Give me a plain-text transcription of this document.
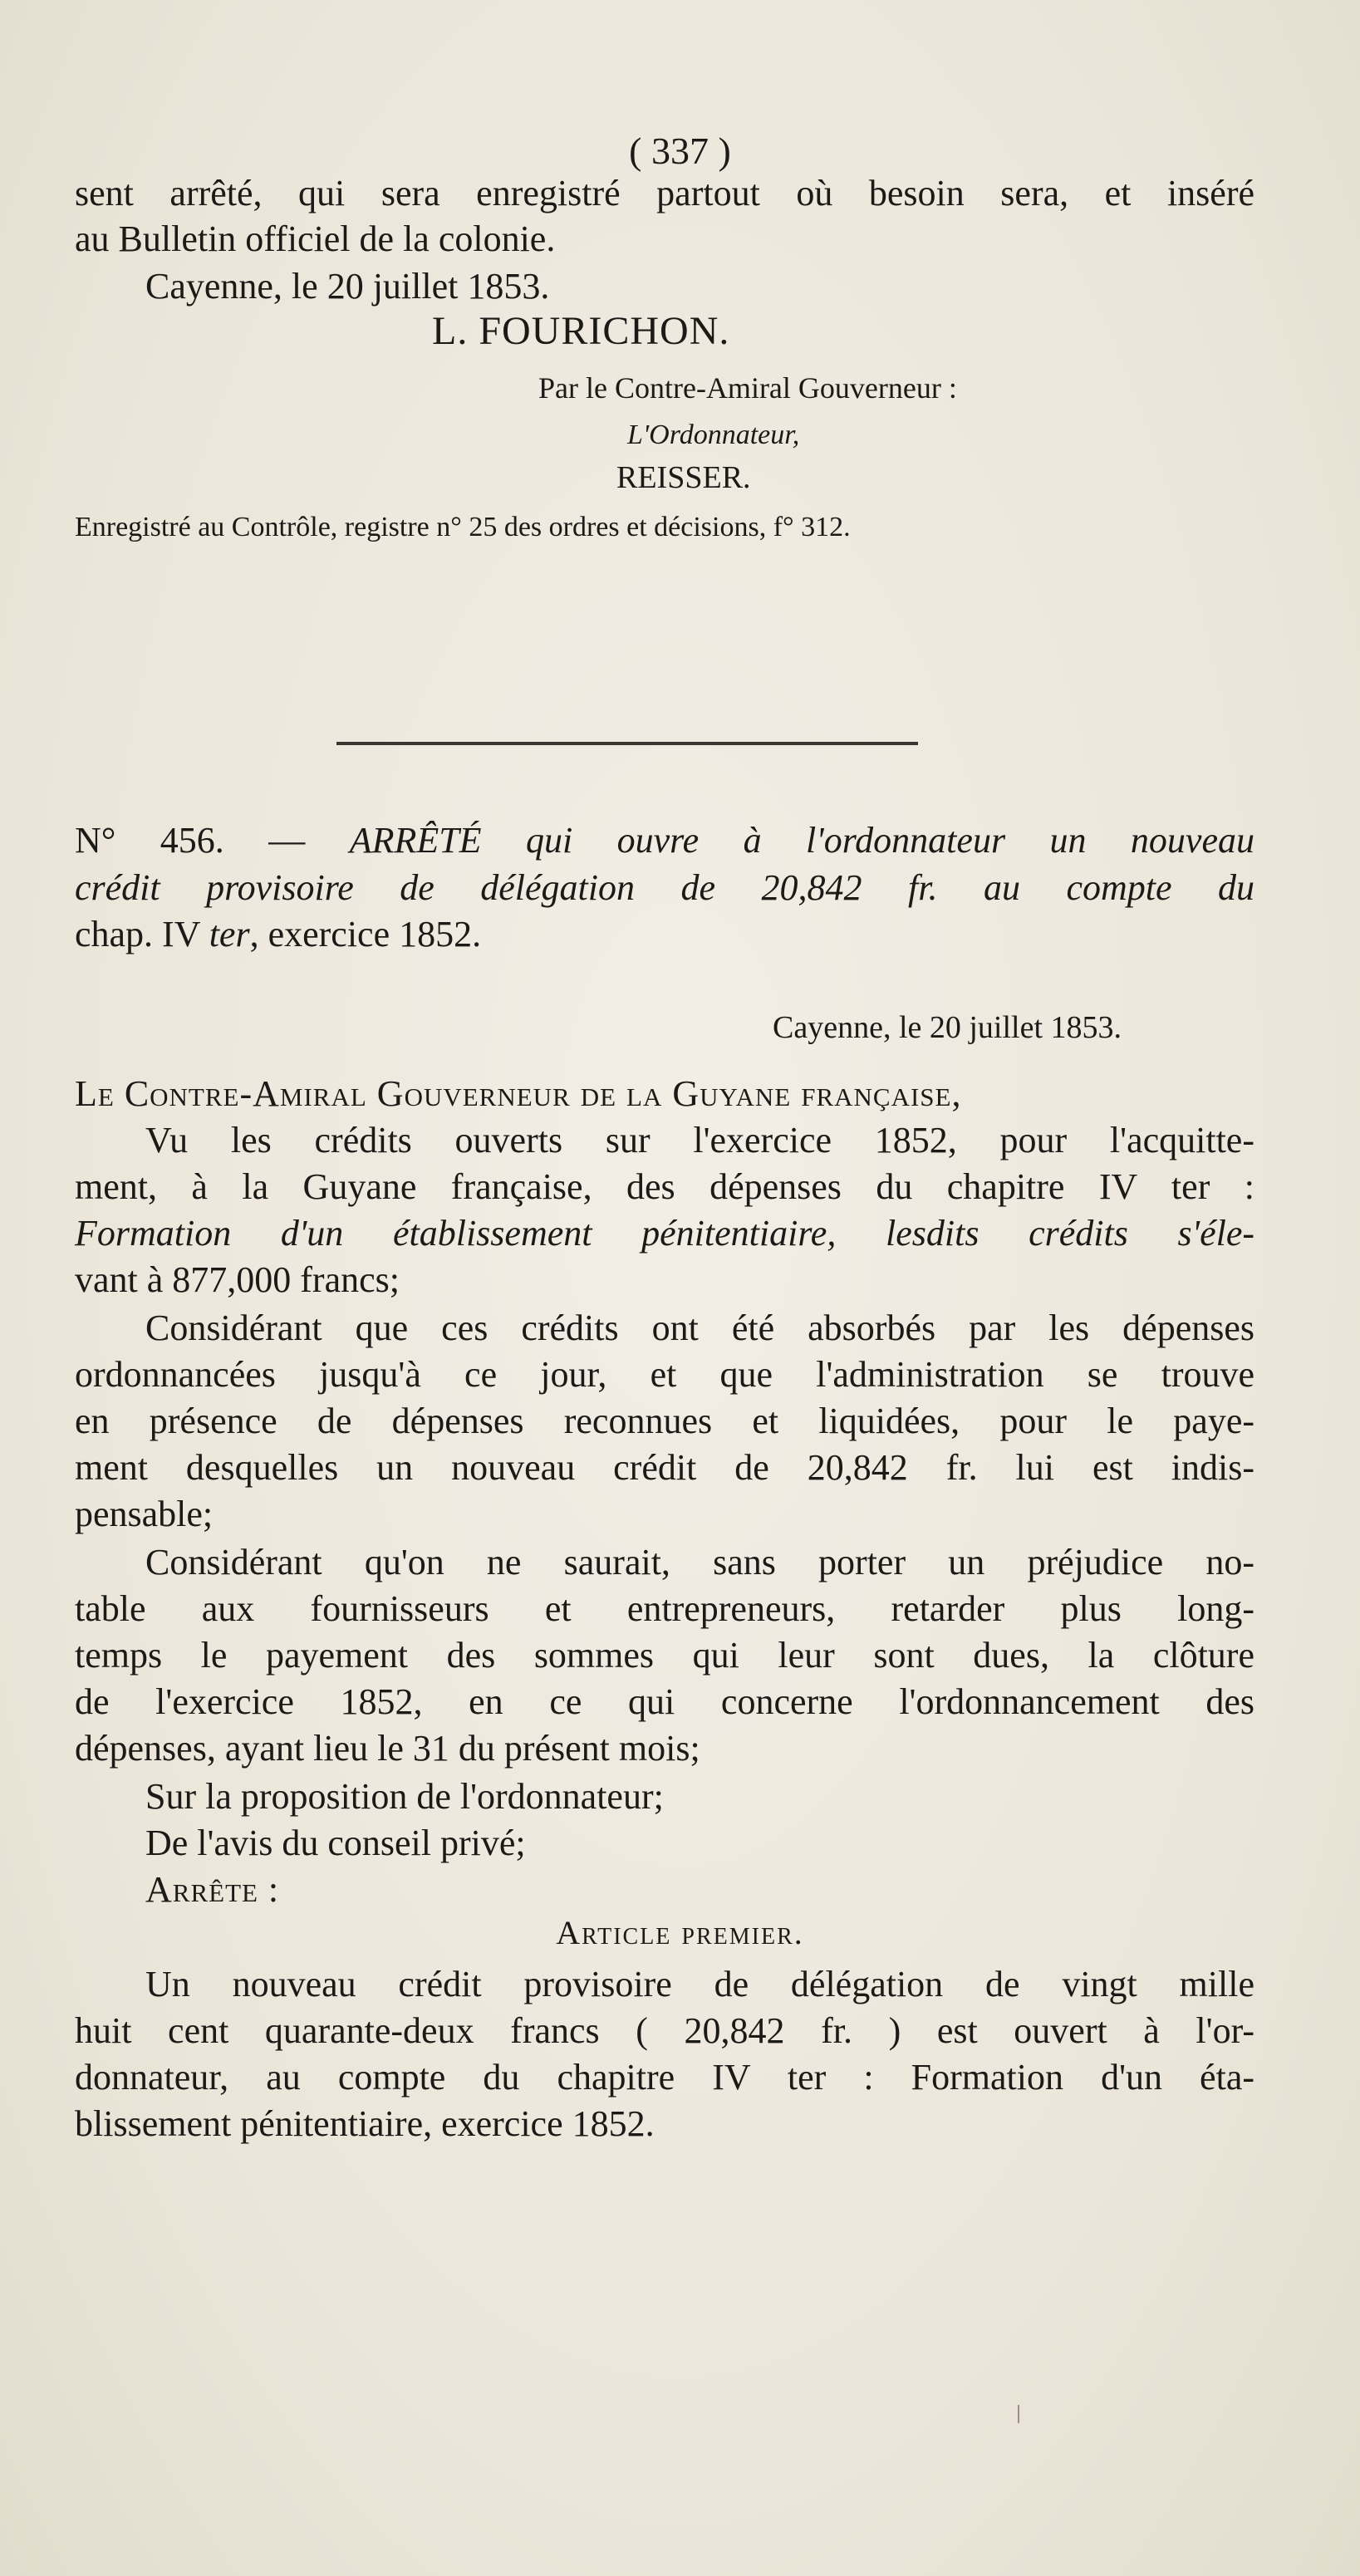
( 337 )
sent arrêté, qui sera enregistré partout où besoin sera, et inséré
au Bulletin officiel de la colonie.
Cayenne, le 20 juillet 1853.
L. FOURICHON.
Par le Contre-Amiral Gouverneur :
L'Ordonnateur,
REISSER.
Enregistré au Contrôle, registre n° 25 des ordres et décisions, f° 312.
N° 456. — ARRÊTÉ qui ouvre à l'ordonnateur un nouveau
crédit provisoire de délégation de 20,842 fr. au compte du
chap. IV ter, exercice 1852.
Cayenne, le 20 juillet 1853.
Le Contre-Amiral Gouverneur de la Guyane française,
Vu les crédits ouverts sur l'exercice 1852, pour l'acquitte-
ment, à la Guyane française, des dépenses du chapitre IV ter :
Formation d'un établissement pénitentiaire, lesdits crédits s'éle-
vant à 877,000 francs;
Considérant que ces crédits ont été absorbés par les dépenses
ordonnancées jusqu'à ce jour, et que l'administration se trouve
en présence de dépenses reconnues et liquidées, pour le paye-
ment desquelles un nouveau crédit de 20,842 fr. lui est indis-
pensable;
Considérant qu'on ne saurait, sans porter un préjudice no-
table aux fournisseurs et entrepreneurs, retarder plus long-
temps le payement des sommes qui leur sont dues, la clôture
de l'exercice 1852, en ce qui concerne l'ordonnancement des
dépenses, ayant lieu le 31 du présent mois;
Sur la proposition de l'ordonnateur;
De l'avis du conseil privé;
Arrête :
Article premier.
Un nouveau crédit provisoire de délégation de vingt mille
huit cent quarante-deux francs ( 20,842 fr. ) est ouvert à l'or-
donnateur, au compte du chapitre IV ter : Formation d'un éta-
blissement pénitentiaire, exercice 1852.
